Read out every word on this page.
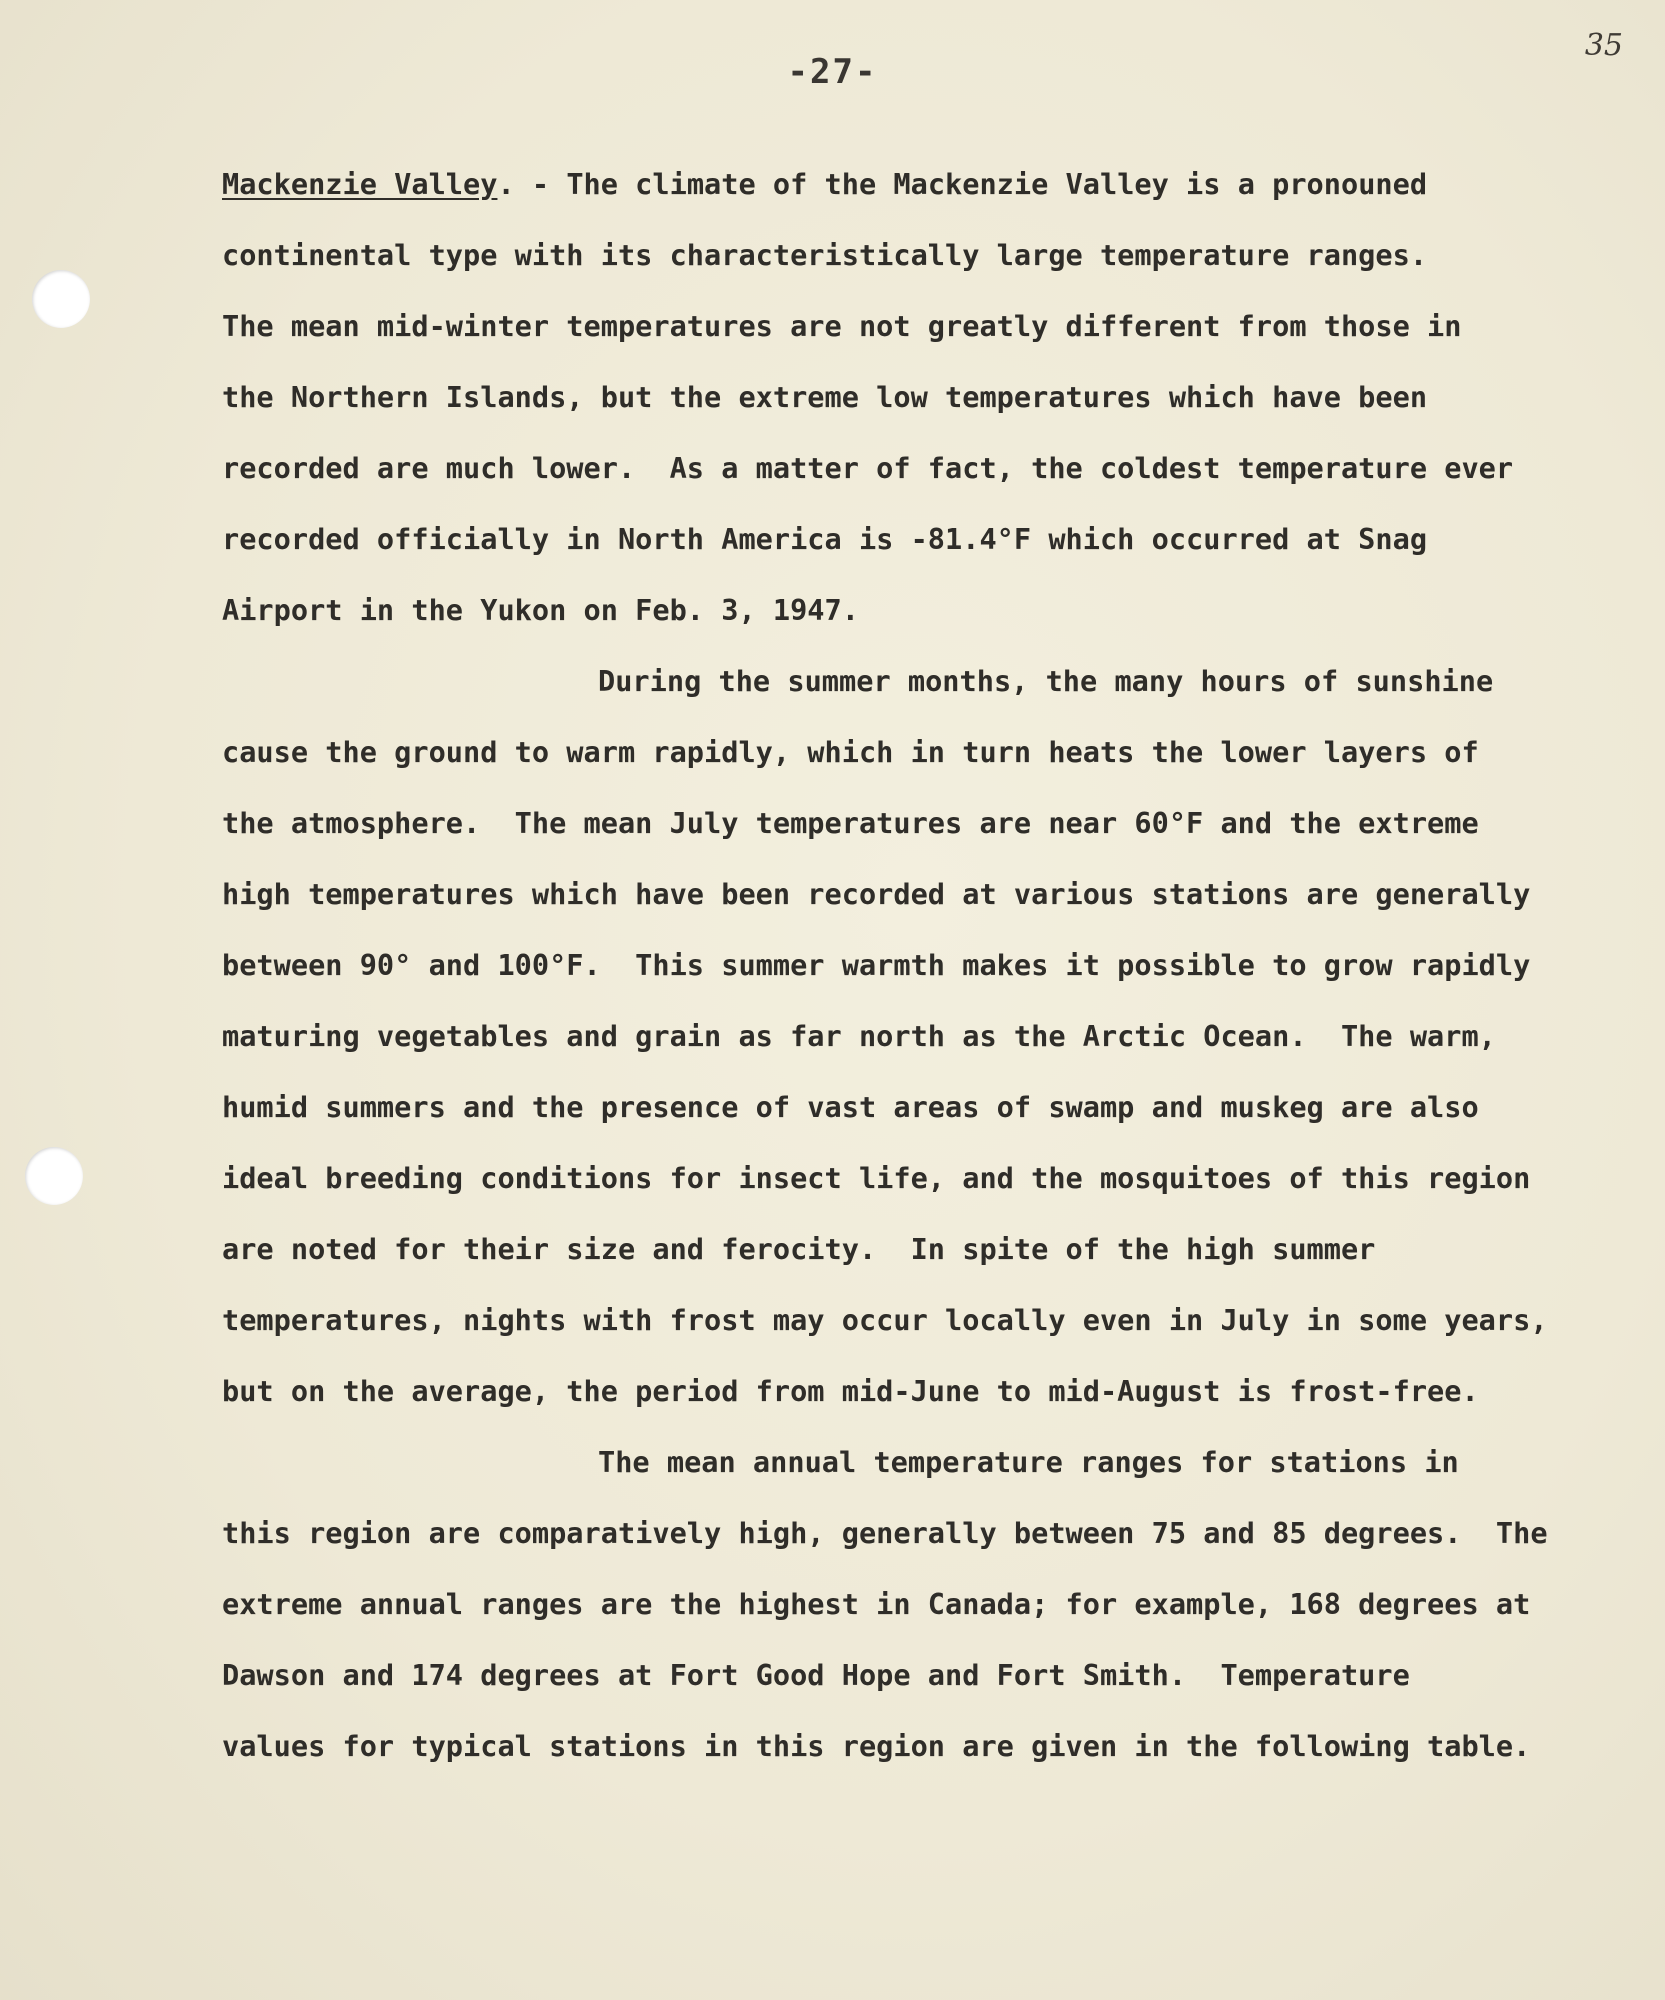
-27-
35
Mackenzie Valley. - The climate of the Mackenzie Valley is a pronouned
continental type with its characteristically large temperature ranges.
The mean mid-winter temperatures are not greatly different from those in
the Northern Islands, but the extreme low temperatures which have been
recorded are much lower.  As a matter of fact, the coldest temperature ever
recorded officially in North America is -81.4°F which occurred at Snag
Airport in the Yukon on Feb. 3, 1947.
During the summer months, the many hours of sunshine
cause the ground to warm rapidly, which in turn heats the lower layers of
the atmosphere.  The mean July temperatures are near 60°F and the extreme
high temperatures which have been recorded at various stations are generally
between 90° and 100°F.  This summer warmth makes it possible to grow rapidly
maturing vegetables and grain as far north as the Arctic Ocean.  The warm,
humid summers and the presence of vast areas of swamp and muskeg are also
ideal breeding conditions for insect life, and the mosquitoes of this region
are noted for their size and ferocity.  In spite of the high summer
temperatures, nights with frost may occur locally even in July in some years,
but on the average, the period from mid-June to mid-August is frost-free.
The mean annual temperature ranges for stations in
this region are comparatively high, generally between 75 and 85 degrees.  The
extreme annual ranges are the highest in Canada; for example, 168 degrees at
Dawson and 174 degrees at Fort Good Hope and Fort Smith.  Temperature
values for typical stations in this region are given in the following table.
